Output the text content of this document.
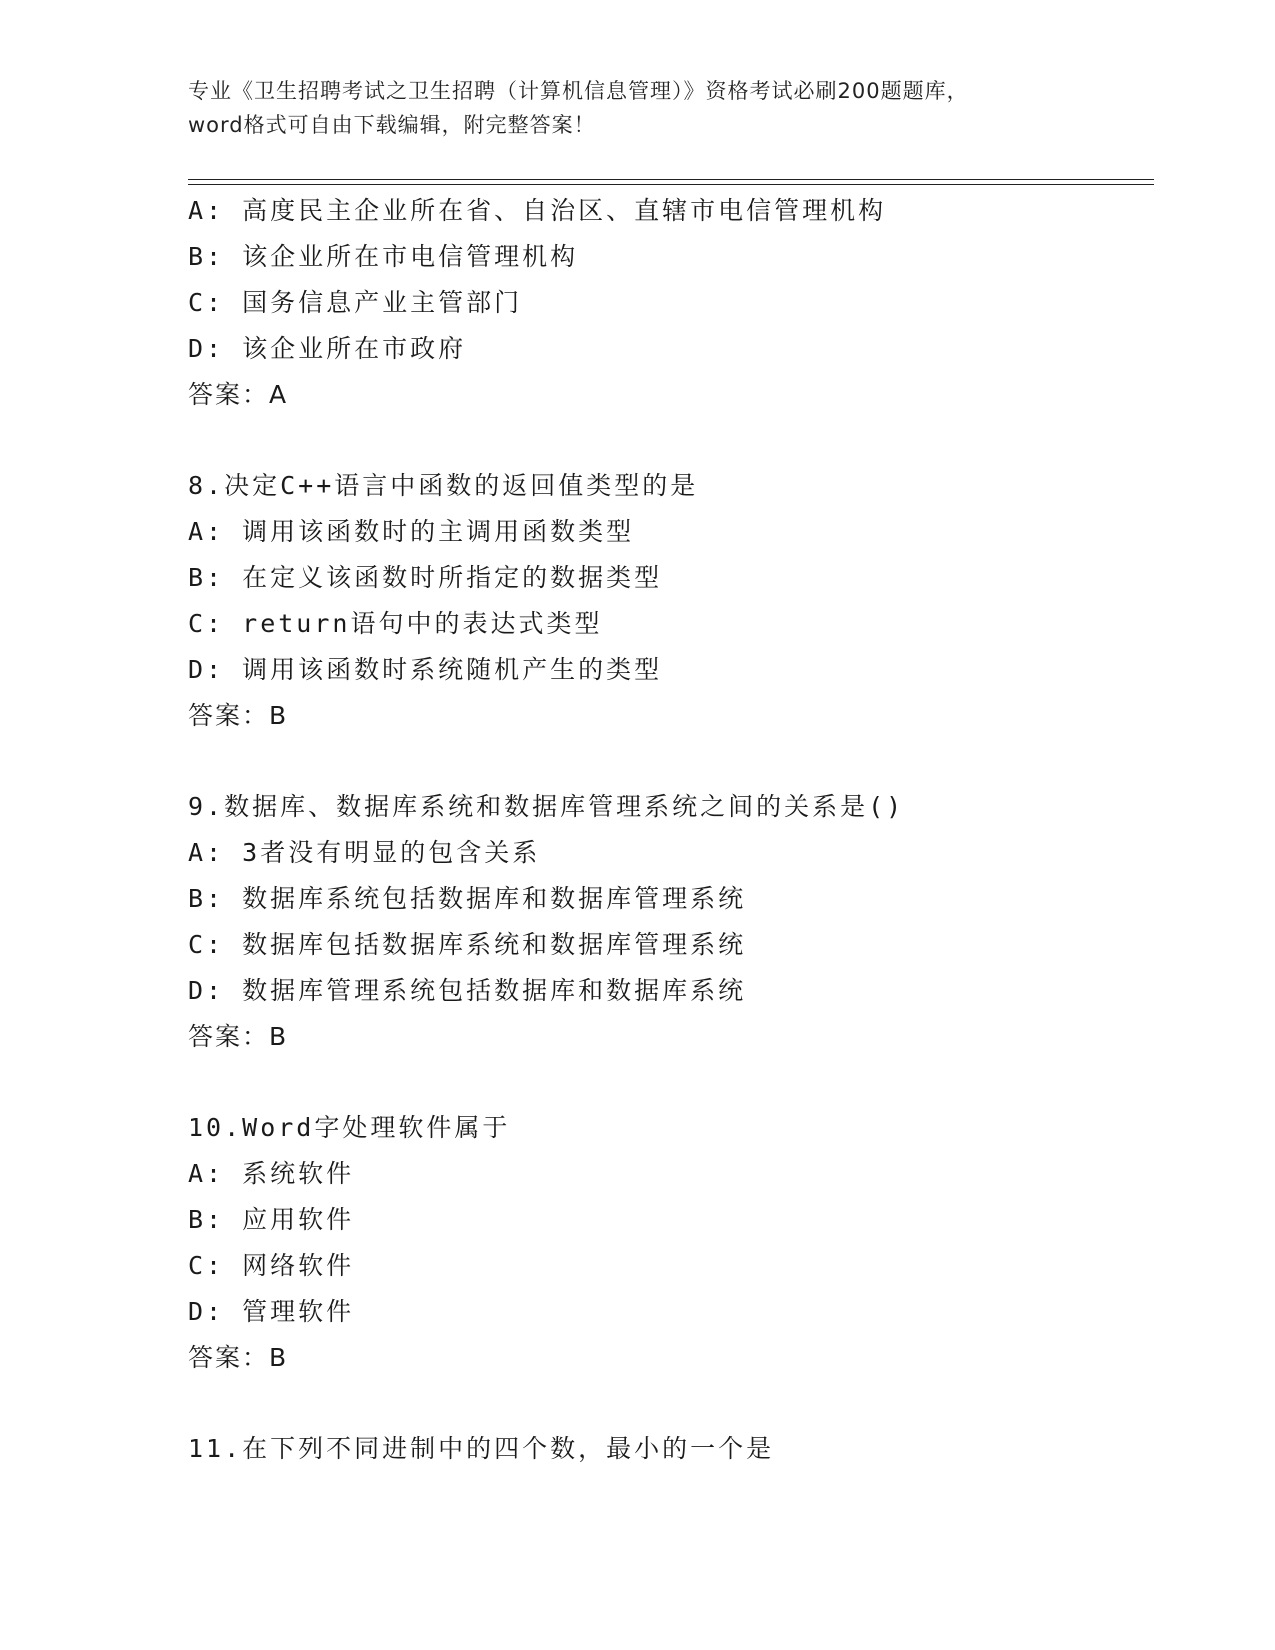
专业《卫生招聘考试之卫生招聘（计算机信息管理）》资格考试必刷200题题库，
word格式可自由下载编辑，附完整答案！
A: 高度民主企业所在省、自治区、直辖市电信管理机构
B: 该企业所在市电信管理机构
C: 国务信息产业主管部门
D: 该企业所在市政府
答案：A
8.决定C++语言中函数的返回值类型的是
A: 调用该函数时的主调用函数类型
B: 在定义该函数时所指定的数据类型
C: return语句中的表达式类型
D: 调用该函数时系统随机产生的类型
答案：B
9.数据库、数据库系统和数据库管理系统之间的关系是()
A: 3者没有明显的包含关系
B: 数据库系统包括数据库和数据库管理系统
C: 数据库包括数据库系统和数据库管理系统
D: 数据库管理系统包括数据库和数据库系统
答案：B
10.Word字处理软件属于
A: 系统软件
B: 应用软件
C: 网络软件
D: 管理软件
答案：B
11.在下列不同进制中的四个数，最小的一个是
